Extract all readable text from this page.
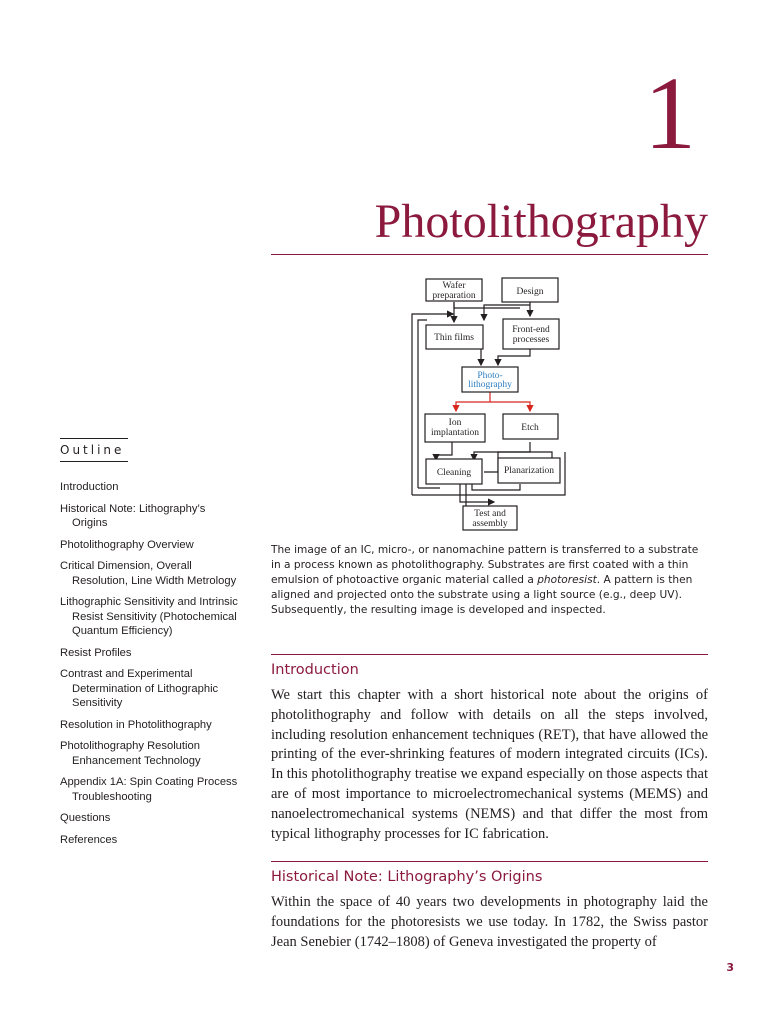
1
Photolithography
Wafer
preparation	Design
Thin films
Front-end
processes
Photo-
lithography
Ion
implantation	Etch
Cleaning	Planarization
Test and
assembly
The image of an IC, micro-, or nanomachine pattern is transferred to a substrate in a process known as photolithography. Substrates are first coated with a thin emulsion of photoactive organic material called a photoresist. A pattern is then aligned and projected onto the substrate using a light source (e.g., deep UV). Subsequently, the resulting image is developed and inspected.
Introduction
We start this chapter with a short historical note about the origins of photolithography and follow with details on all the steps involved, including resolution enhancement techniques (RET), that have allowed the printing of the ever-shrinking features of modern integrated circuits (ICs). In this photolithography treatise we expand especially on those aspects that are of most importance to microelectromechanical systems (MEMS) and nanoelectromechanical systems (NEMS) and that differ the most from typical lithography processes for IC fabrication.
Historical Note: Lithography’s Origins
Within the space of 40 years two developments in photography laid the foundations for the photoresists we use today. In 1782, the Swiss pastor Jean Senebier (1742–1808) of Geneva investigated the property of
Outline
Introduction
Historical Note: Lithography’s Origins
Photolithography Overview
Critical Dimension, Overall Resolution, Line Width Metrology
Lithographic Sensitivity and Intrinsic Resist Sensitivity (Photochemical Quantum Efficiency)
Resist Profiles
Contrast and Experimental Determination of Lithographic Sensitivity
Resolution in Photolithography
Photolithography Resolution Enhancement Technology
Appendix 1A: Spin Coating Process Troubleshooting
Questions
References
3
